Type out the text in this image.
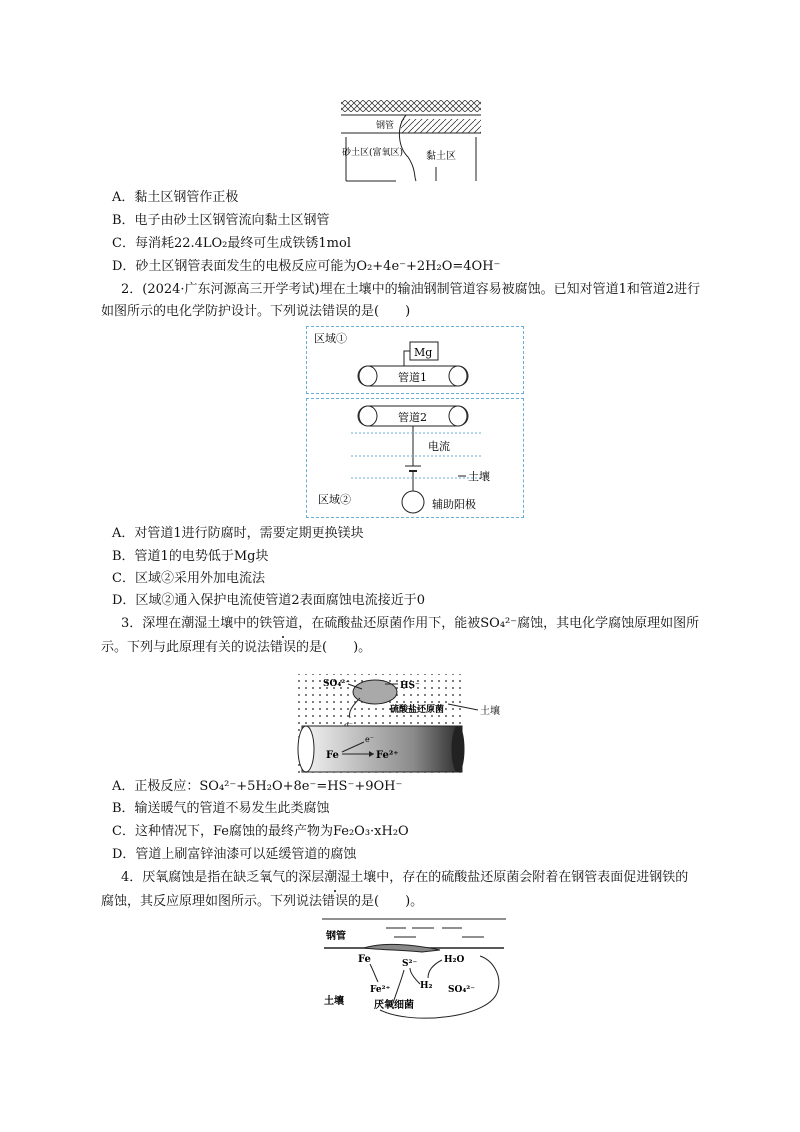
钢管
砂土区(富氧区) 黏土区
A．黏土区钢管作正极
B．电子由砂土区钢管流向黏土区钢管
C．每消耗22.4LO₂最终可生成铁锈1mol
D．砂土区钢管表面发生的电极反应可能为O₂+4e⁻+2H₂O=4OH⁻
2．(2024·广东河源高三开学考试)埋在土壤中的输油钢制管道容易被腐蚀。已知对管道1和管道2进行
如图所示的电化学防护设计。下列说法错误的是(　　)
区域①
Mg
管道1
管道2
电流
土壤
区域②	辅助阳极
A．对管道1进行防腐时，需要定期更换镁块
B．管道1的电势低于Mg块
C．区域②采用外加电流法
D．区域②通入保护电流使管道2表面腐蚀电流接近于0
3．深埋在潮湿土壤中的铁管道，在硫酸盐还原菌作用下，能被SO₄²⁻腐蚀，其电化学腐蚀原理如图所
示。下列与此原理有关的说法错误的是(　　)。
SO₄²⁻	HS⁻
硫酸盐还原菌	土壤
Fe
e⁻
Fe²⁺
A．正极反应：SO₄²⁻+5H₂O+8e⁻=HS⁻+9OH⁻
B．输送暖气的管道不易发生此类腐蚀
C．这种情况下，Fe腐蚀的最终产物为Fe₂O₃·xH₂O
D．管道上刷富锌油漆可以延缓管道的腐蚀
4．厌氧腐蚀是指在缺乏氧气的深层潮湿土壤中，存在的硫酸盐还原菌会附着在钢管表面促进钢铁的
腐蚀，其反应原理如图所示。下列说法错误的是(　　)。
钢管
Fe
Fe²⁺
S²⁻	H₂O
H₂ SO₄²⁻
土壤	厌氧细菌
